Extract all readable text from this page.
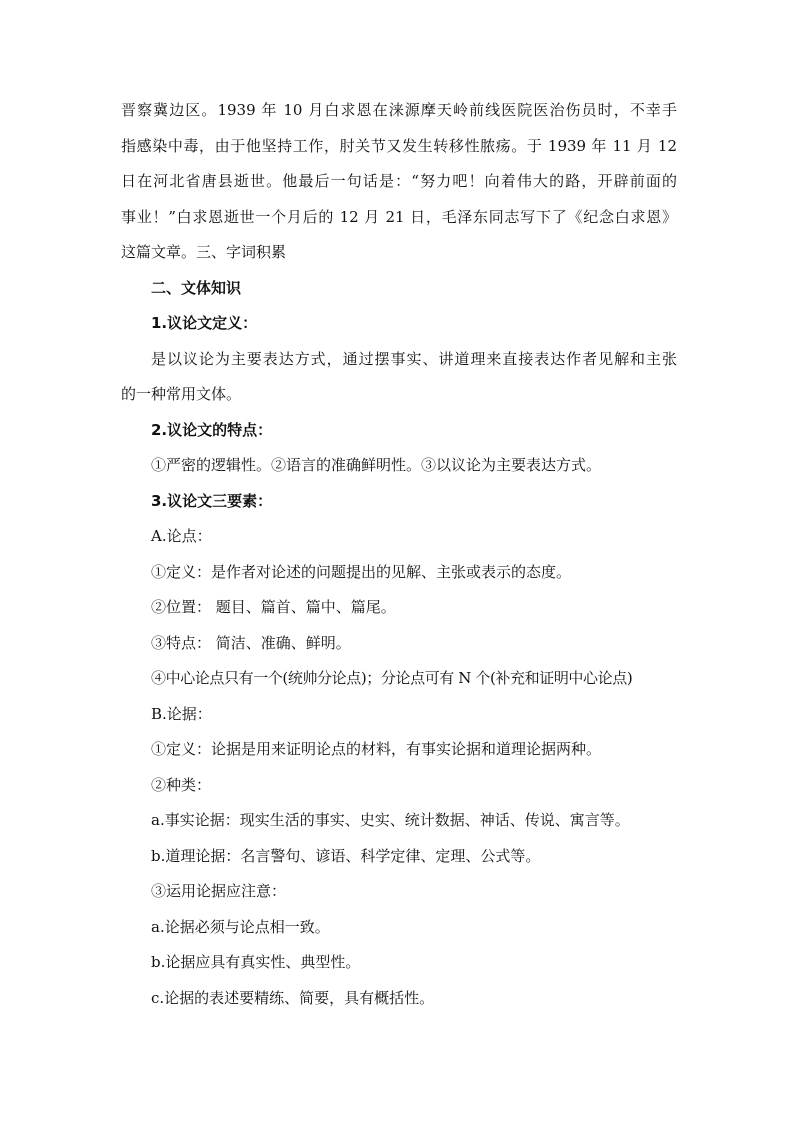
晋察冀边区。1939 年 10 月白求恩在涞源摩天岭前线医院医治伤员时，不幸手

指感染中毒，由于他坚持工作，肘关节又发生转移性脓疡。于 1939 年 11 月 12

日在河北省唐县逝世。他最后一句话是：“努力吧！向着伟大的路，开辟前面的

事业！”白求恩逝世一个月后的 12 月 21 日，毛泽东同志写下了《纪念白求恩》

这篇文章。三、字词积累

二、文体知识

1.议论文定义：

是以议论为主要表达方式，通过摆事实、讲道理来直接表达作者见解和主张

的一种常用文体。

2.议论文的特点：

①严密的逻辑性。②语言的准确鲜明性。③以议论为主要表达方式。

3.议论文三要素：

A.论点：

①定义：是作者对论述的问题提出的见解、主张或表示的态度。

②位置： 题目、篇首、篇中、篇尾。

③特点： 简洁、准确、鲜明。

④中心论点只有一个(统帅分论点)；分论点可有 N 个(补充和证明中心论点)

B.论据：

①定义：论据是用来证明论点的材料，有事实论据和道理论据两种。

②种类：

a.事实论据：现实生活的事实、史实、统计数据、神话、传说、寓言等。

b.道理论据：名言警句、谚语、科学定律、定理、公式等。

③运用论据应注意：

a.论据必须与论点相一致。

b.论据应具有真实性、典型性。

c.论据的表述要精练、简要，具有概括性。
